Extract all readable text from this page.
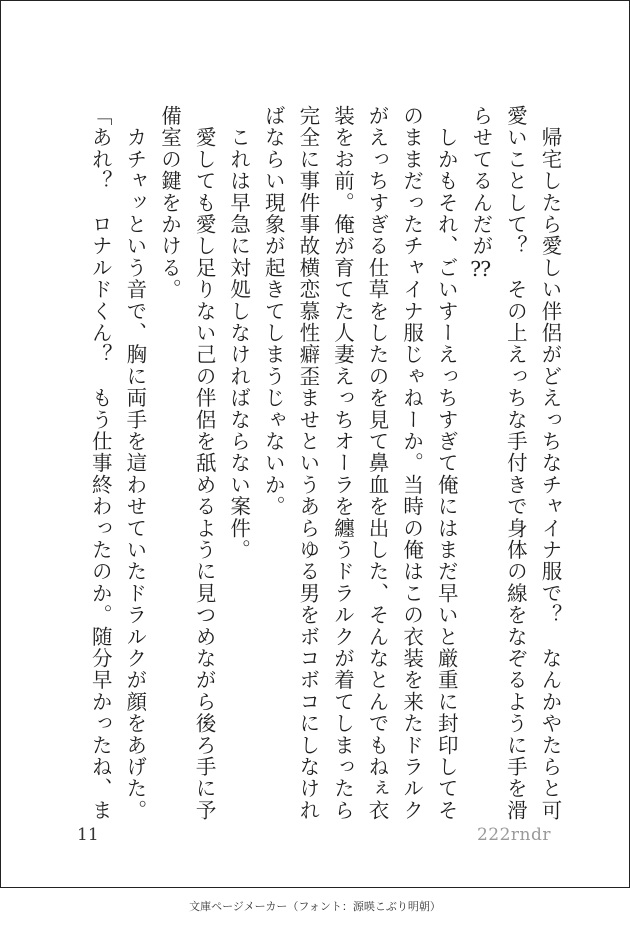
　帰宅したら愛しい伴侶がどえっちなチャイナ服で？　なんかやたらと可愛いことして？　その上えっちな手付きで身体の線をなぞるように手を滑らせてるんだが⁇

　しかもそれ、ごいすーえっちすぎて俺にはまだ早いと厳重に封印してそのままだったチャイナ服じゃねーか。当時の俺はこの衣装を来たドラルクがえっちすぎる仕草をしたのを見て鼻血を出した、そんなとんでもねぇ衣装をお前。俺が育てた人妻えっちオーラを纏うドラルクが着てしまったら完全に事件事故横恋慕性癖歪ませというあらゆる男をボコボコにしなければならい現象が起きてしまうじゃないか。

　これは早急に対処しなければならない案件。

　愛しても愛し足りない己の伴侶を舐めるように見つめながら後ろ手に予備室の鍵をかける。

　カチャッという音で、胸に両手を這わせていたドラルクが顔をあげた。

「あれ？　ロナルドくん？　もう仕事終わったのか。随分早かったね、ま

11	222rndr
文庫ページメーカー（フォント：源暎こぶり明朝）
